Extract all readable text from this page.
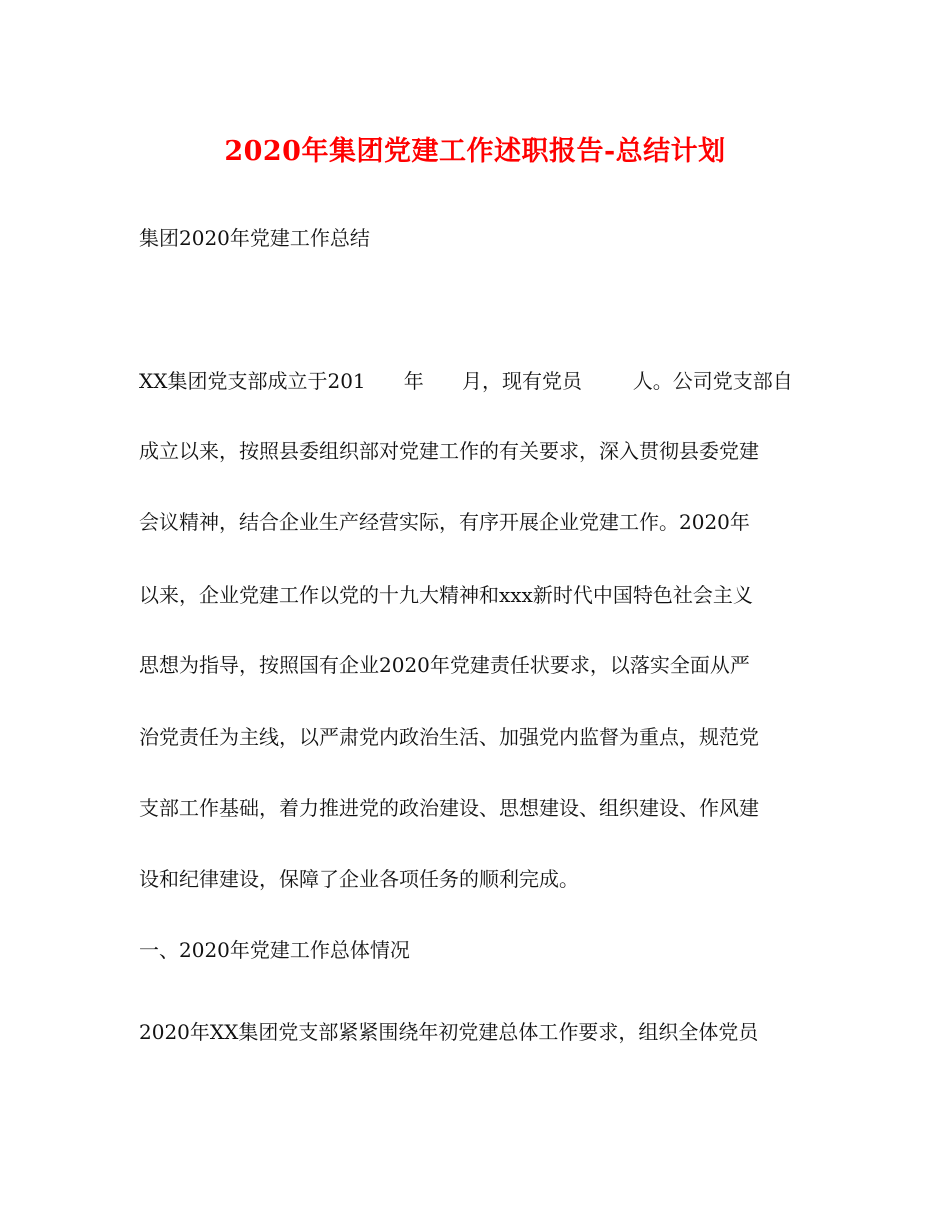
2020年集团党建工作述职报告-总结计划
集团2020年党建工作总结
XX集团党支部成立于201      年      月，现有党员        人。公司党支部自
成立以来，按照县委组织部对党建工作的有关要求，深入贯彻县委党建
会议精神，结合企业生产经营实际，有序开展企业党建工作。2020年
以来，企业党建工作以党的十九大精神和xxx新时代中国特色社会主义
思想为指导，按照国有企业2020年党建责任状要求，以落实全面从严
治党责任为主线，以严肃党内政治生活、加强党内监督为重点，规范党
支部工作基础，着力推进党的政治建设、思想建设、组织建设、作风建
设和纪律建设，保障了企业各项任务的顺利完成。
一、2020年党建工作总体情况
2020年XX集团党支部紧紧围绕年初党建总体工作要求，组织全体党员
